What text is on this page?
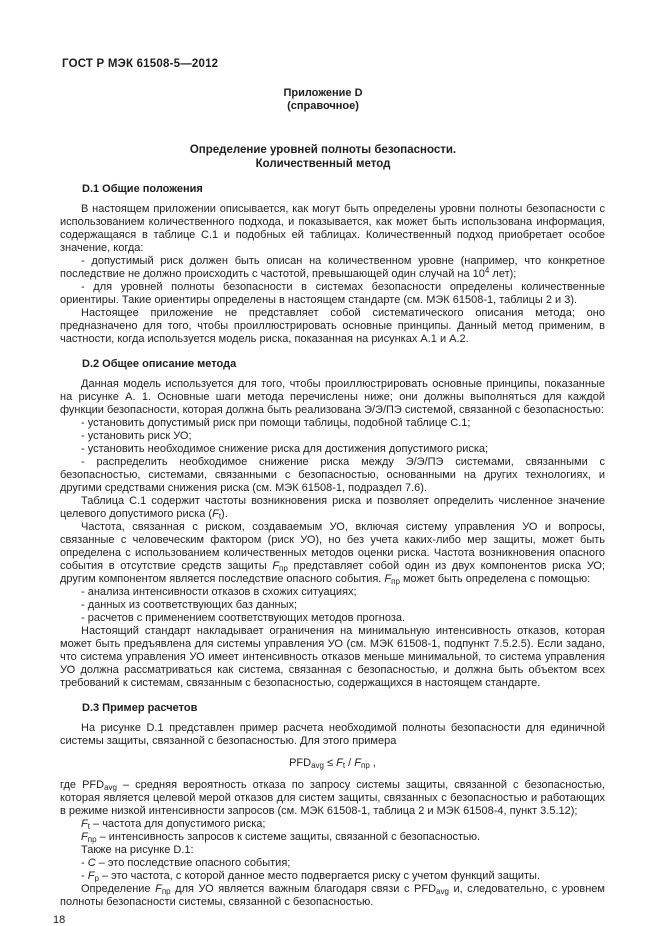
ГОСТ Р МЭК 61508-5—2012
Приложение D
(справочное)
Определение уровней полноты безопасности.
Количественный метод
D.1 Общие положения
В настоящем приложении описывается, как могут быть определены уровни полноты безопасности с использованием количественного подхода, и показывается, как может быть использована информация, содержащаяся в таблице С.1 и подобных ей таблицах. Количественный подход приобретает особое значение, когда:
- допустимый риск должен быть описан на количественном уровне (например, что конкретное последствие не должно происходить с частотой, превышающей один случай на $10^4$ лет);
- для уровней полноты безопасности в системах безопасности определены количественные ориентиры. Такие ориентиры определены в настоящем стандарте (см. МЭК 61508-1, таблицы 2 и 3).
Настоящее приложение не представляет собой систематического описания метода; оно предназначено для того, чтобы проиллюстрировать основные принципы. Данный метод применим, в частности, когда используется модель риска, показанная на рисунках А.1 и А.2.
D.2 Общее описание метода
Данная модель используется для того, чтобы проиллюстрировать основные принципы, показанные на рисунке А. 1. Основные шаги метода перечислены ниже; они должны выполняться для каждой функции безопасности, которая должна быть реализована Э/Э/ПЭ системой, связанной с безопасностью:
- установить допустимый риск при помощи таблицы, подобной таблице С.1;
- установить риск УО;
- установить необходимое снижение риска для достижения допустимого риска;
- распределить необходимое снижение риска между Э/Э/ПЭ системами, связанными с безопасностью, системами, связанными с безопасностью, основанными на других технологиях, и другими средствами снижения риска (см. МЭК 61508-1, подраздел 7.6).
Таблица С.1 содержит частоты возникновения риска и позволяет определить численное значение целевого допустимого риска $(F_t)$.
Частота, связанная с риском, создаваемым УО, включая систему управления УО и вопросы, связанные с человеческим фактором (риск УО), но без учета каких-либо мер защиты, может быть определена с использованием количественных методов оценки риска. Частота возникновения опасного события в отсутствие средств защиты $F_{пр}$ представляет собой один из двух компонентов риска УО; другим компонентом является последствие опасного события. $F_{пр}$ может быть определена с помощью:
- анализа интенсивности отказов в схожих ситуациях;
- данных из соответствующих баз данных;
- расчетов с применением соответствующих методов прогноза.
Настоящий стандарт накладывает ограничения на минимальную интенсивность отказов, которая может быть предъявлена для системы управления УО (см. МЭК 61508-1, подпункт 7.5.2.5). Если задано, что система управления УО имеет интенсивность отказов меньше минимальной, то система управления УО должна рассматриваться как система, связанная с безопасностью, и должна быть объектом всех требований к системам, связанным с безопасностью, содержащихся в настоящем стандарте.
D.3 Пример расчетов
На рисунке D.1 представлен пример расчета необходимой полноты безопасности для единичной системы защиты, связанной с безопасностью. Для этого примера
$PFD_{avg} \le F_t / F_{пр}$ ,
где $PFD_{avg}$ – средняя вероятность отказа по запросу системы защиты, связанной с безопасностью, которая является целевой мерой отказов для систем защиты, связанных с безопасностью и работающих в режиме низкой интенсивности запросов (см. МЭК 61508-1, таблица 2 и МЭК 61508-4, пункт 3.5.12);
$F_t$ – частота для допустимого риска;
$F_{пр}$ – интенсивность запросов к системе защиты, связанной с безопасностью.
Также на рисунке D.1:
- С – это последствие опасного события;
- $F_р$ – это частота, с которой данное место подвергается риску с учетом функций защиты.
Определение $F_{пр}$ для УО является важным благодаря связи с $PFD_{avg}$ и, следовательно, с уровнем полноты безопасности системы, связанной с безопасностью.
18
